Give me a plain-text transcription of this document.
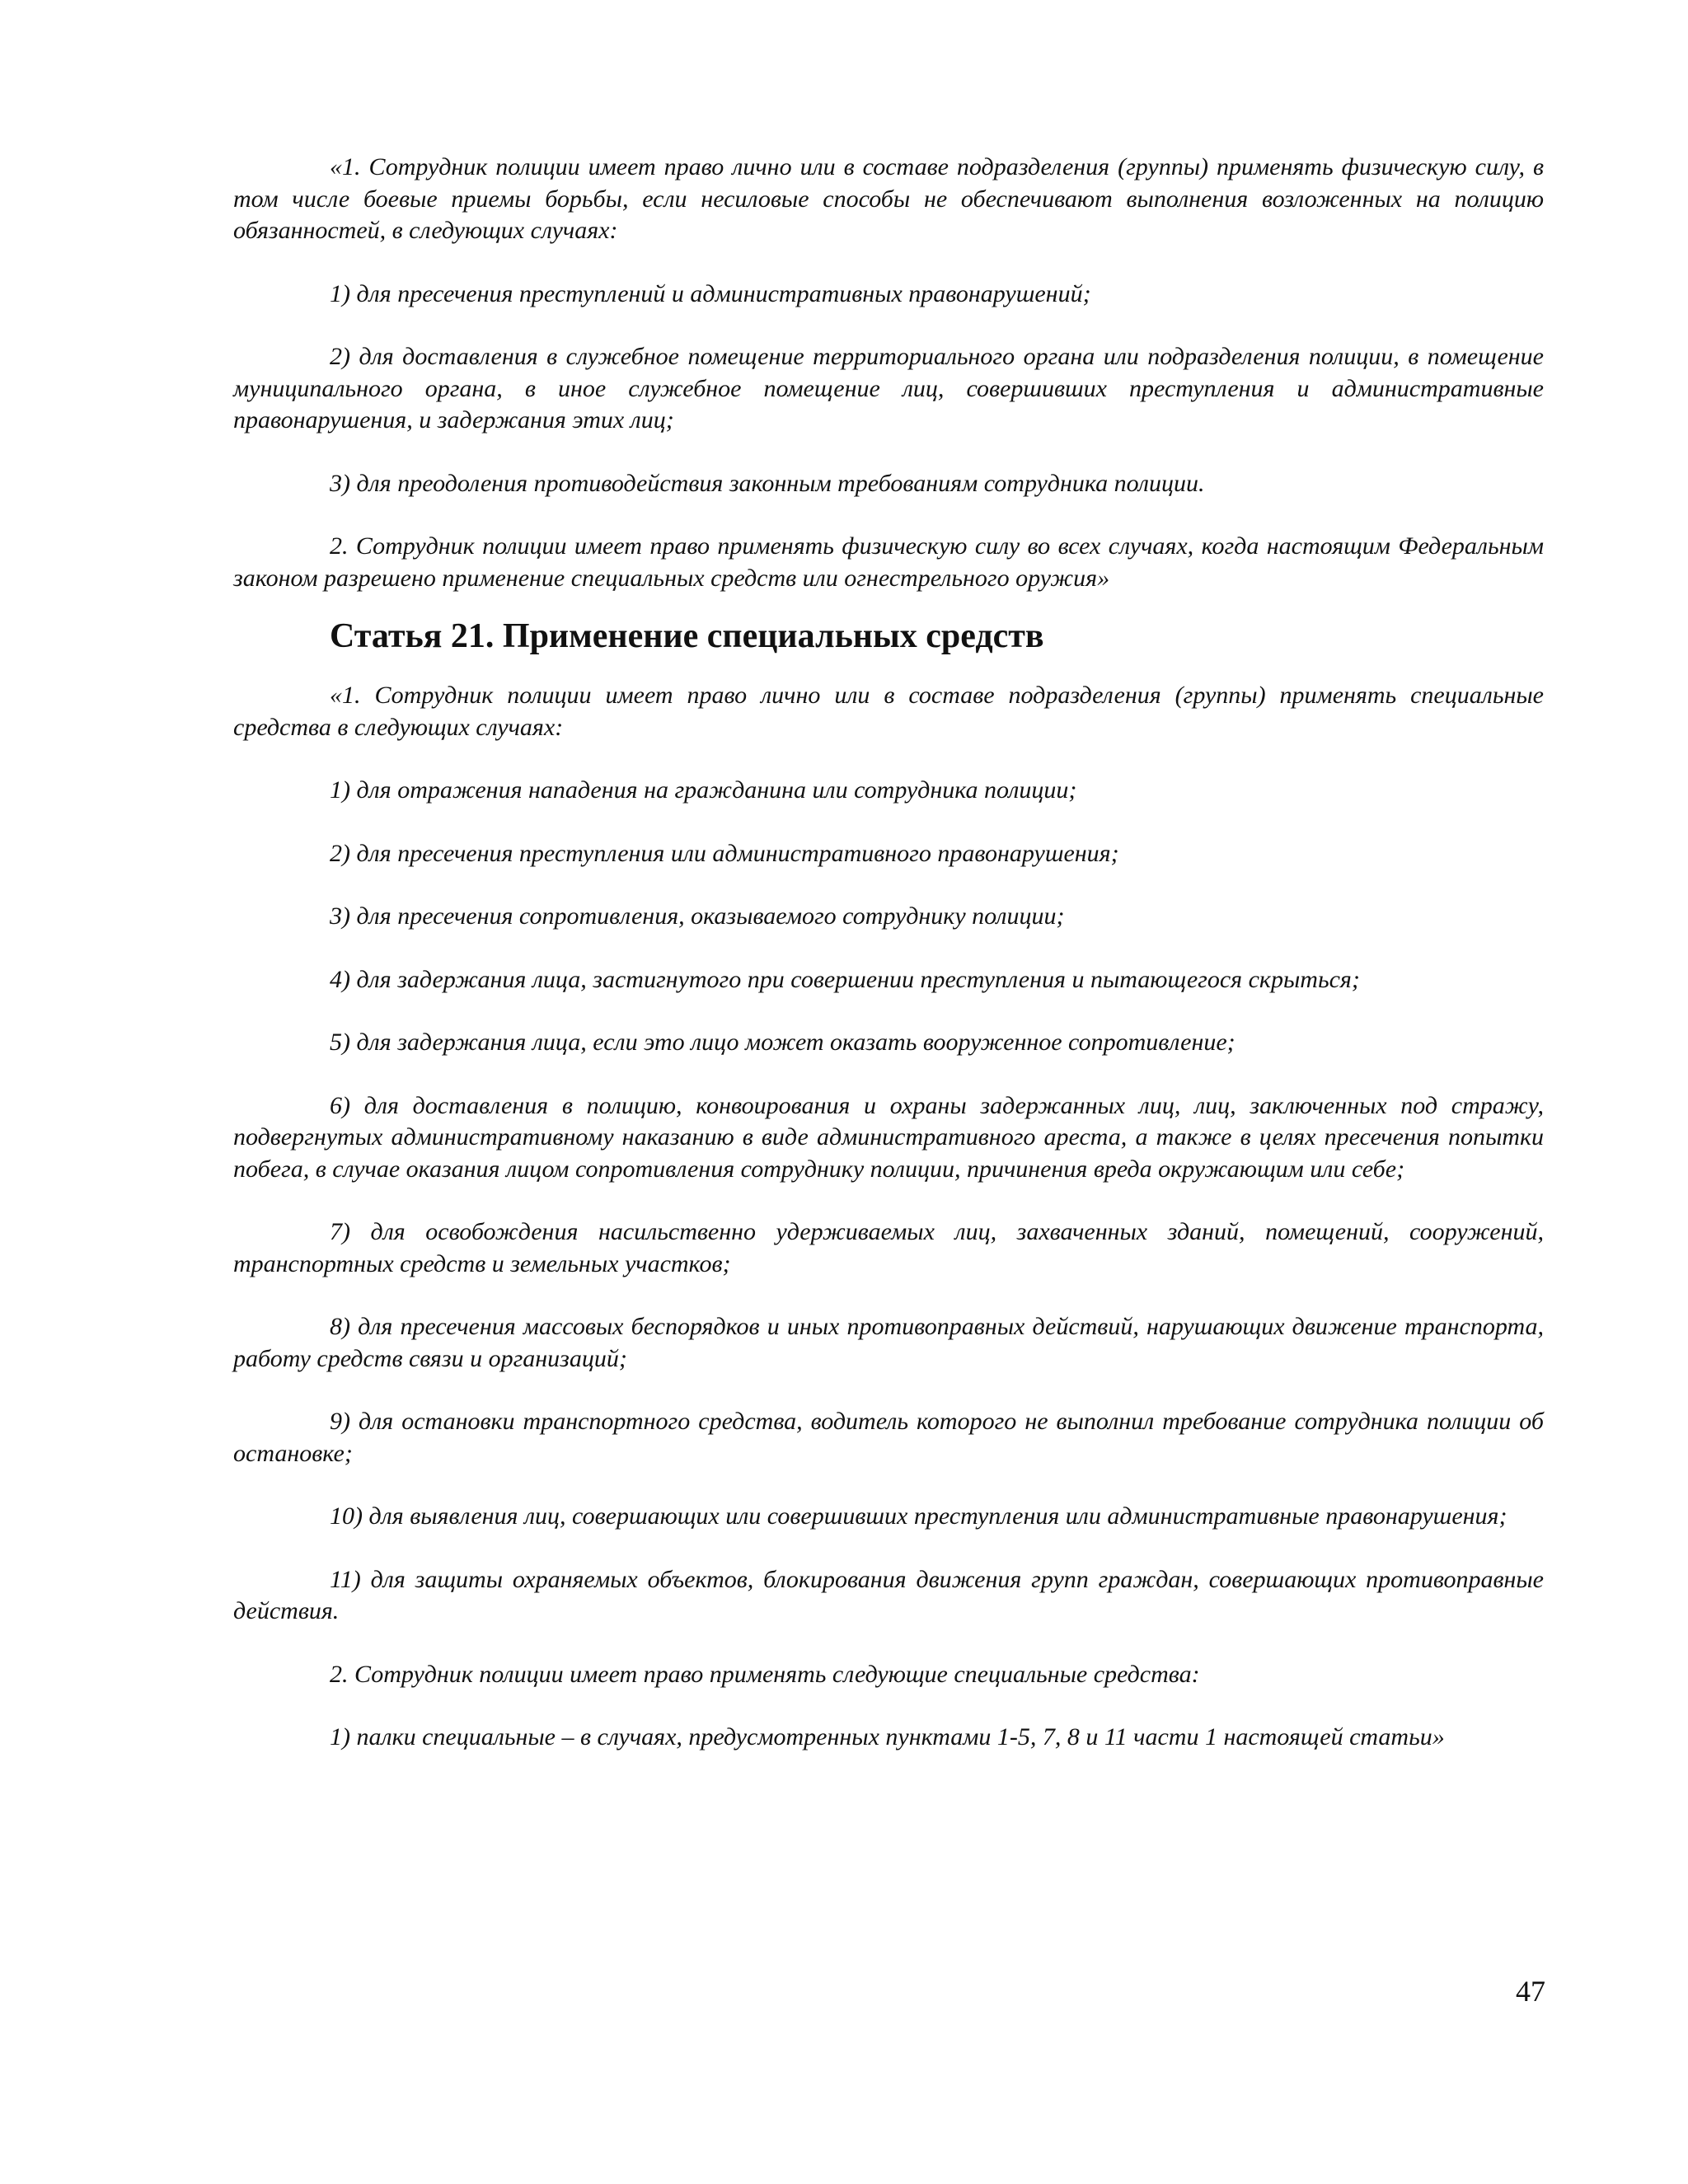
«1. Сотрудник полиции имеет право лично или в составе подразделения (группы) применять физическую силу, в том числе боевые приемы борьбы, если несиловые способы не обеспечивают выполнения возложенных на полицию обязанностей, в следующих случаях:

1) для пресечения преступлений и административных правонарушений;

2) для доставления в служебное помещение территориального органа или подразделения полиции, в помещение муниципального органа, в иное служебное помещение лиц, совершивших преступления и административные правонарушения, и задержания этих лиц;

3) для преодоления противодействия законным требованиям сотрудника полиции.

2. Сотрудник полиции имеет право применять физическую силу во всех случаях, когда настоящим Федеральным законом разрешено применение специальных средств или огнестрельного оружия»

Статья 21. Применение специальных средств

«1. Сотрудник полиции имеет право лично или в составе подразделения (группы) применять специальные средства в следующих случаях:

1) для отражения нападения на гражданина или сотрудника полиции;

2) для пресечения преступления или административного правонарушения;

3) для пресечения сопротивления, оказываемого сотруднику полиции;

4) для задержания лица, застигнутого при совершении преступления и пытающегося скрыться;

5) для задержания лица, если это лицо может оказать вооруженное сопротивление;

6) для доставления в полицию, конвоирования и охраны задержанных лиц, лиц, заключенных под стражу, подвергнутых административному наказанию в виде административного ареста, а также в целях пресечения попытки побега, в случае оказания лицом сопротивления сотруднику полиции, причинения вреда окружающим или себе;

7) для освобождения насильственно удерживаемых лиц, захваченных зданий, помещений, сооружений, транспортных средств и земельных участков;

8) для пресечения массовых беспорядков и иных противоправных действий, нарушающих движение транспорта, работу средств связи и организаций;

9) для остановки транспортного средства, водитель которого не выполнил требование сотрудника полиции об остановке;

10) для выявления лиц, совершающих или совершивших преступления или административные правонарушения;

11) для защиты охраняемых объектов, блокирования движения групп граждан, совершающих противоправные действия.

2. Сотрудник полиции имеет право применять следующие специальные средства:

1) палки специальные – в случаях, предусмотренных пунктами 1-5, 7, 8 и 11 части 1 настоящей статьи»

47
